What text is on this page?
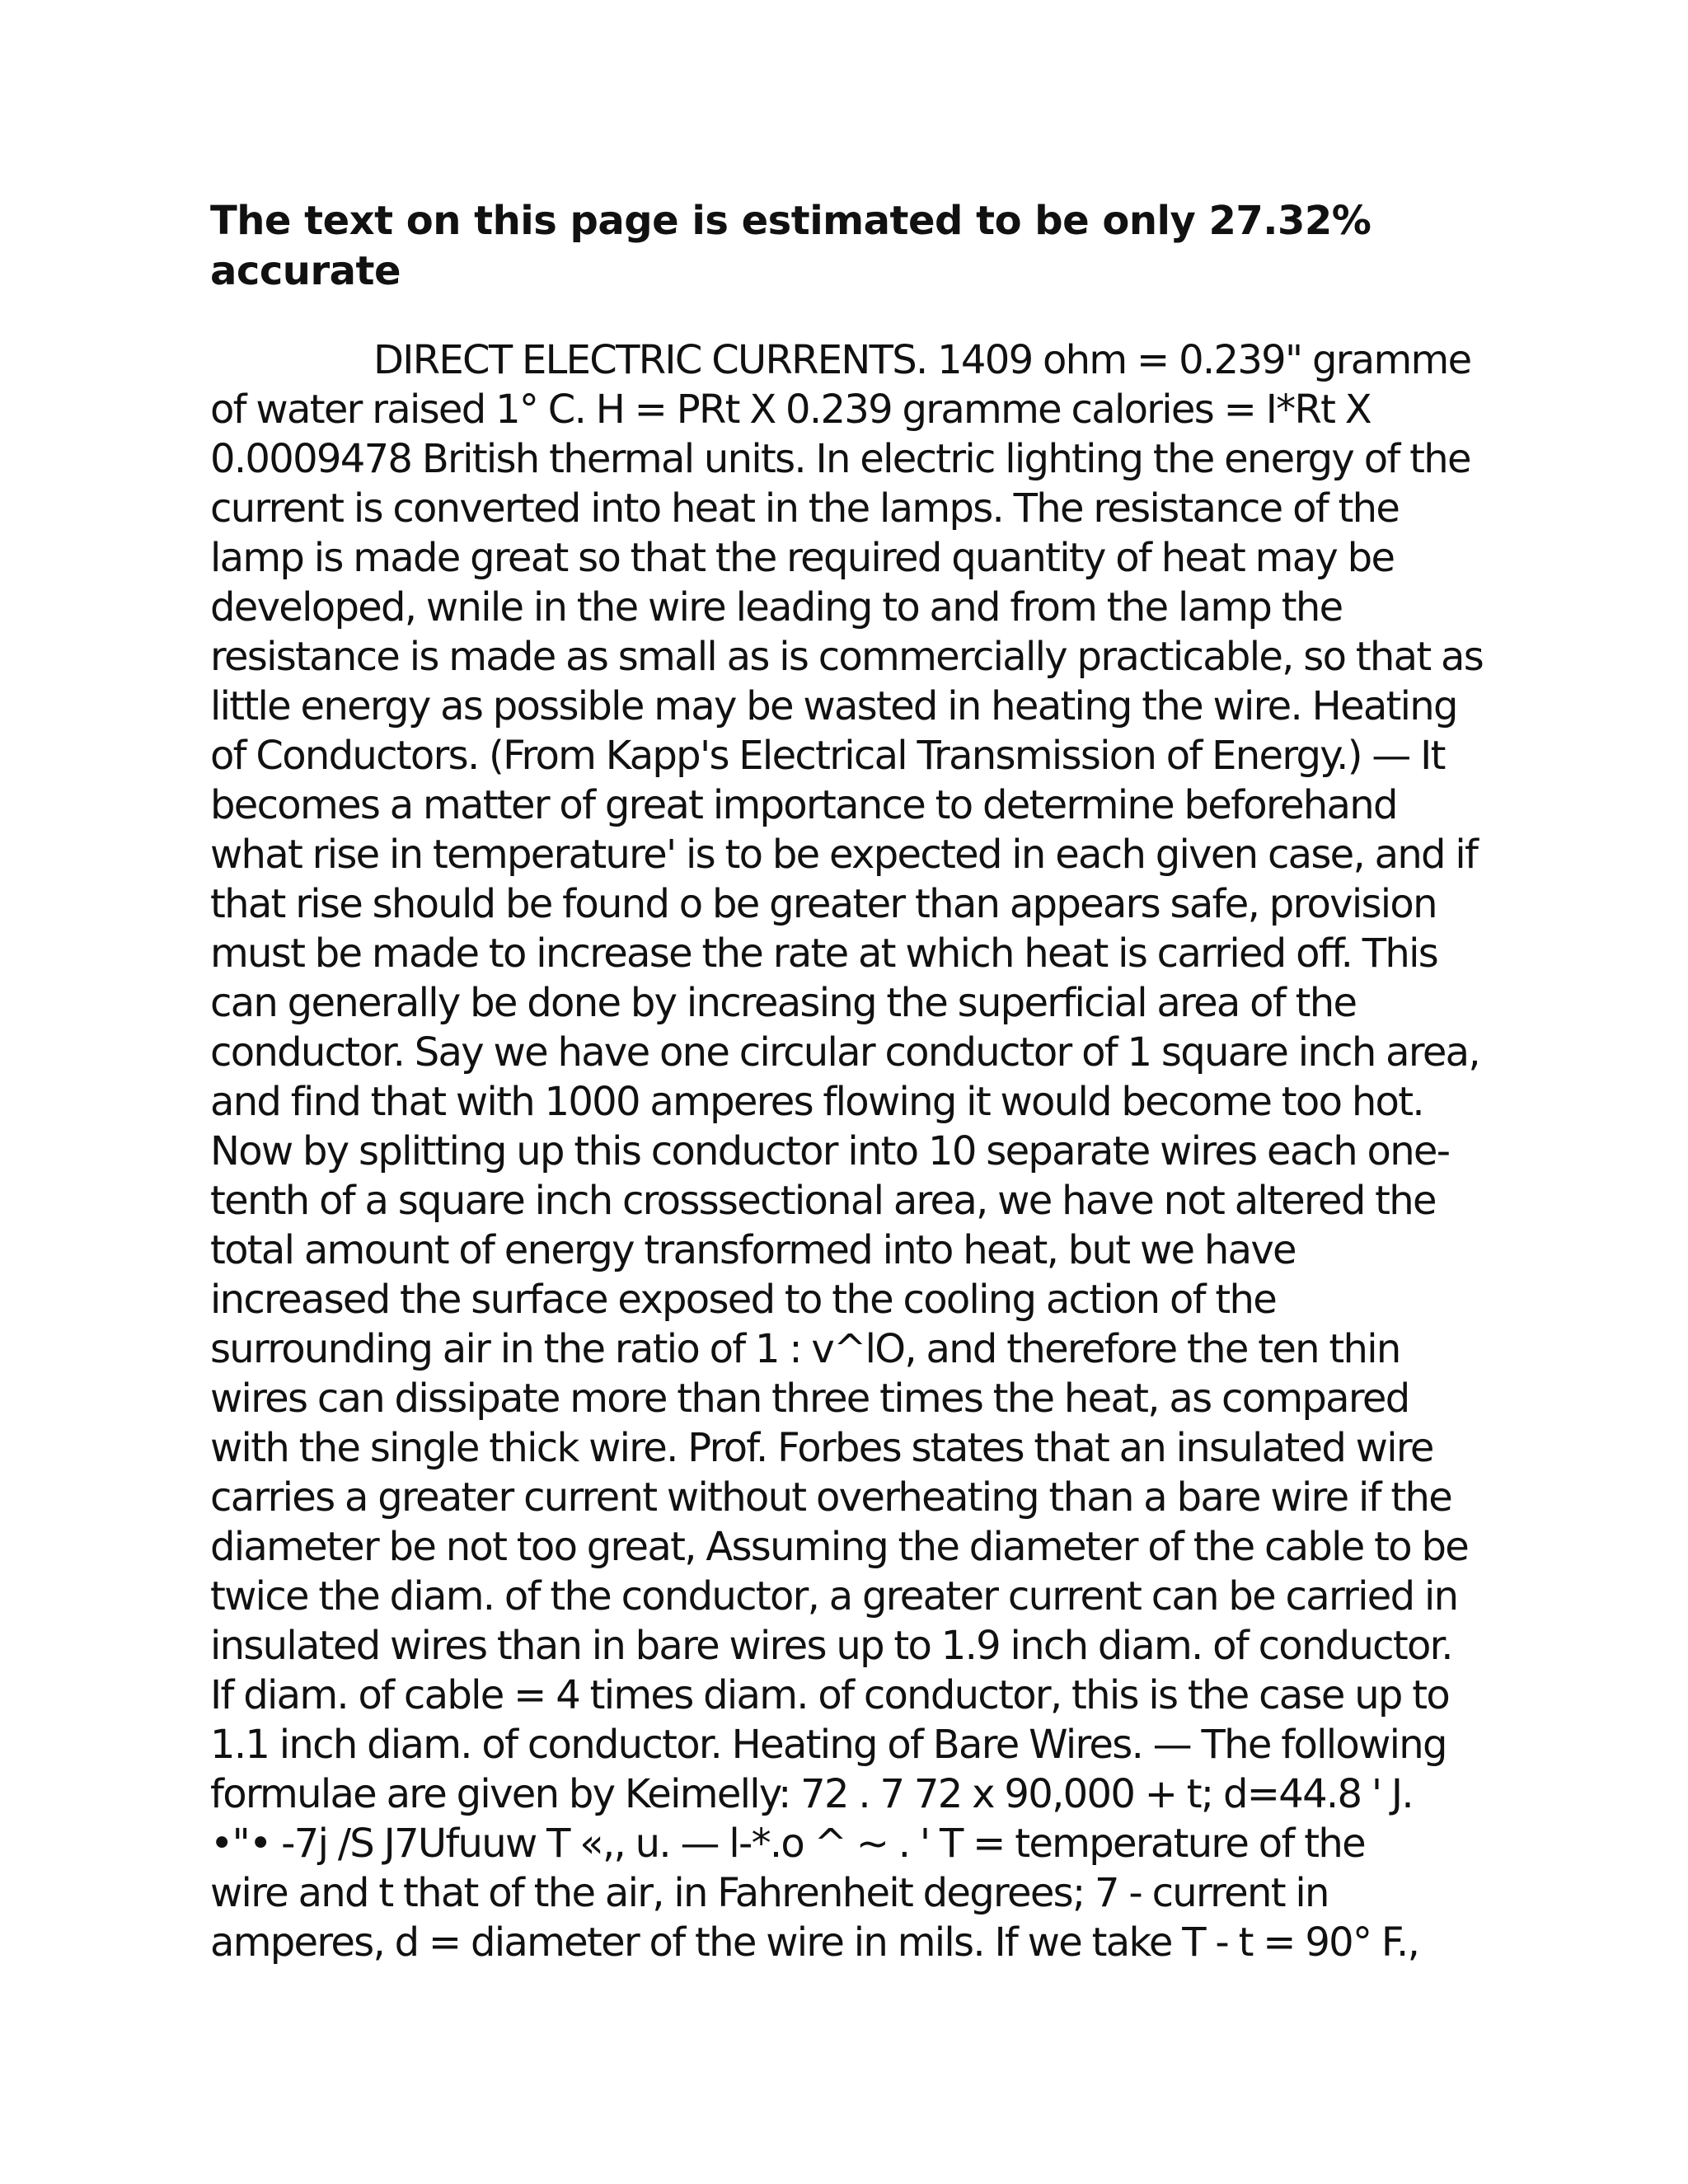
The text on this page is estimated to be only 27.32%
accurate
DIRECT ELECTRIC CURRENTS. 1409 ohm = 0.239" gramme
of water raised 1° C. H = PRt X 0.239 gramme calories = I*Rt X
0.0009478 British thermal units. In electric lighting the energy of the
current is converted into heat in the lamps. The resistance of the
lamp is made great so that the required quantity of heat may be
developed, wnile in the wire leading to and from the lamp the
resistance is made as small as is commercially practicable, so that as
little energy as possible may be wasted in heating the wire. Heating
of Conductors. (From Kapp's Electrical Transmission of Energy.) — It
becomes a matter of great importance to determine beforehand
what rise in temperature' is to be expected in each given case, and if
that rise should be found o be greater than appears safe, provision
must be made to increase the rate at which heat is carried off. This
can generally be done by increasing the superficial area of the
conductor. Say we have one circular conductor of 1 square inch area,
and find that with 1000 amperes flowing it would become too hot.
Now by splitting up this conductor into 10 separate wires each one-
tenth of a square inch crosssectional area, we have not altered the
total amount of energy transformed into heat, but we have
increased the surface exposed to the cooling action of the
surrounding air in the ratio of 1 : v^lO, and therefore the ten thin
wires can dissipate more than three times the heat, as compared
with the single thick wire. Prof. Forbes states that an insulated wire
carries a greater current without overheating than a bare wire if the
diameter be not too great, Assuming the diameter of the cable to be
twice the diam. of the conductor, a greater current can be carried in
insulated wires than in bare wires up to 1.9 inch diam. of conductor.
If diam. of cable = 4 times diam. of conductor, this is the case up to
1.1 inch diam. of conductor. Heating of Bare Wires. — The following
formulae are given by Keimelly: 72 . 7 72 x 90,000 + t; d=44.8 ' J.
•"• -7j /S J7Ufuuw T «,, u. — l-*.o ^ ~ . ' T = temperature of the
wire and t that of the air, in Fahrenheit degrees; 7 - current in
amperes, d = diameter of the wire in mils. If we take T - t = 90° F.,
